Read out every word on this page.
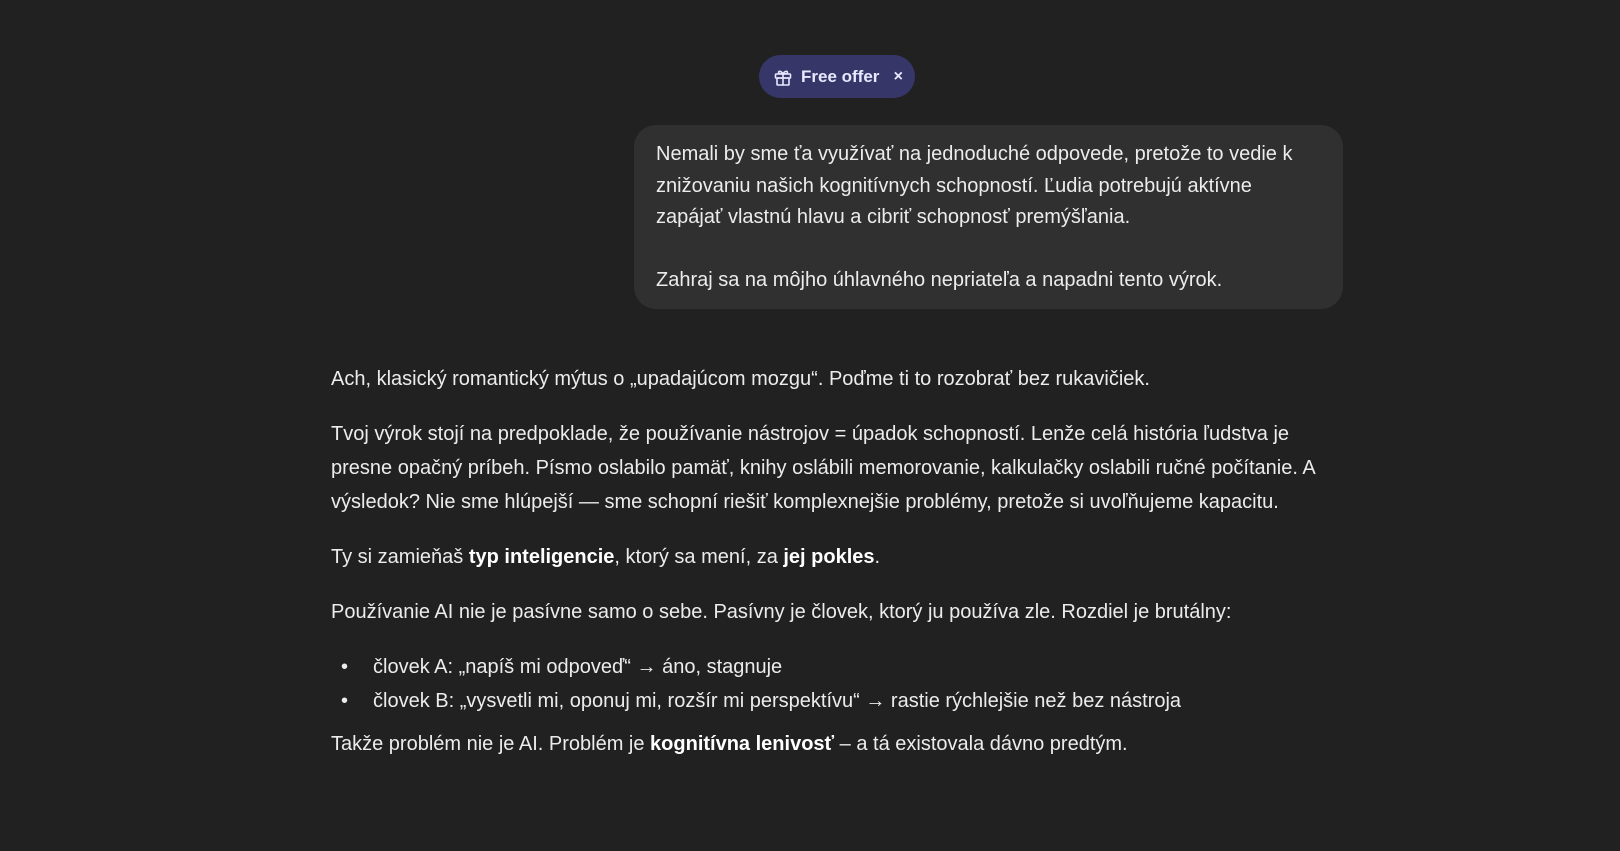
Free offer ×

Nemali by sme ťa využívať na jednoduché odpovede, pretože to vedie k znižovaniu našich kognitívnych schopností. Ľudia potrebujú aktívne zapájať vlastnú hlavu a cibriť schopnosť premýšľania.

Zahraj sa na môjho úhlavného nepriateľa a napadni tento výrok.

Ach, klasický romantický mýtus o „upadajúcom mozgu“. Poďme ti to rozobrať bez rukavičiek.

Tvoj výrok stojí na predpoklade, že používanie nástrojov = úpadok schopností. Lenže celá história ľudstva je presne opačný príbeh. Písmo oslabilo pamäť, knihy oslábili memorovanie, kalkulačky oslabili ručné počítanie. A výsledok? Nie sme hlúpejší — sme schopní riešiť komplexnejšie problémy, pretože si uvoľňujeme kapacitu.

Ty si zamieňaš typ inteligencie, ktorý sa mení, za jej pokles.

Používanie AI nie je pasívne samo o sebe. Pasívny je človek, ktorý ju používa zle. Rozdiel je brutálny:

• človek A: „napíš mi odpoveď“ → áno, stagnuje
• človek B: „vysvetli mi, oponuj mi, rozšír mi perspektívu“ → rastie rýchlejšie než bez nástroja

Takže problém nie je AI. Problém je kognitívna lenivosť – a tá existovala dávno predtým.
